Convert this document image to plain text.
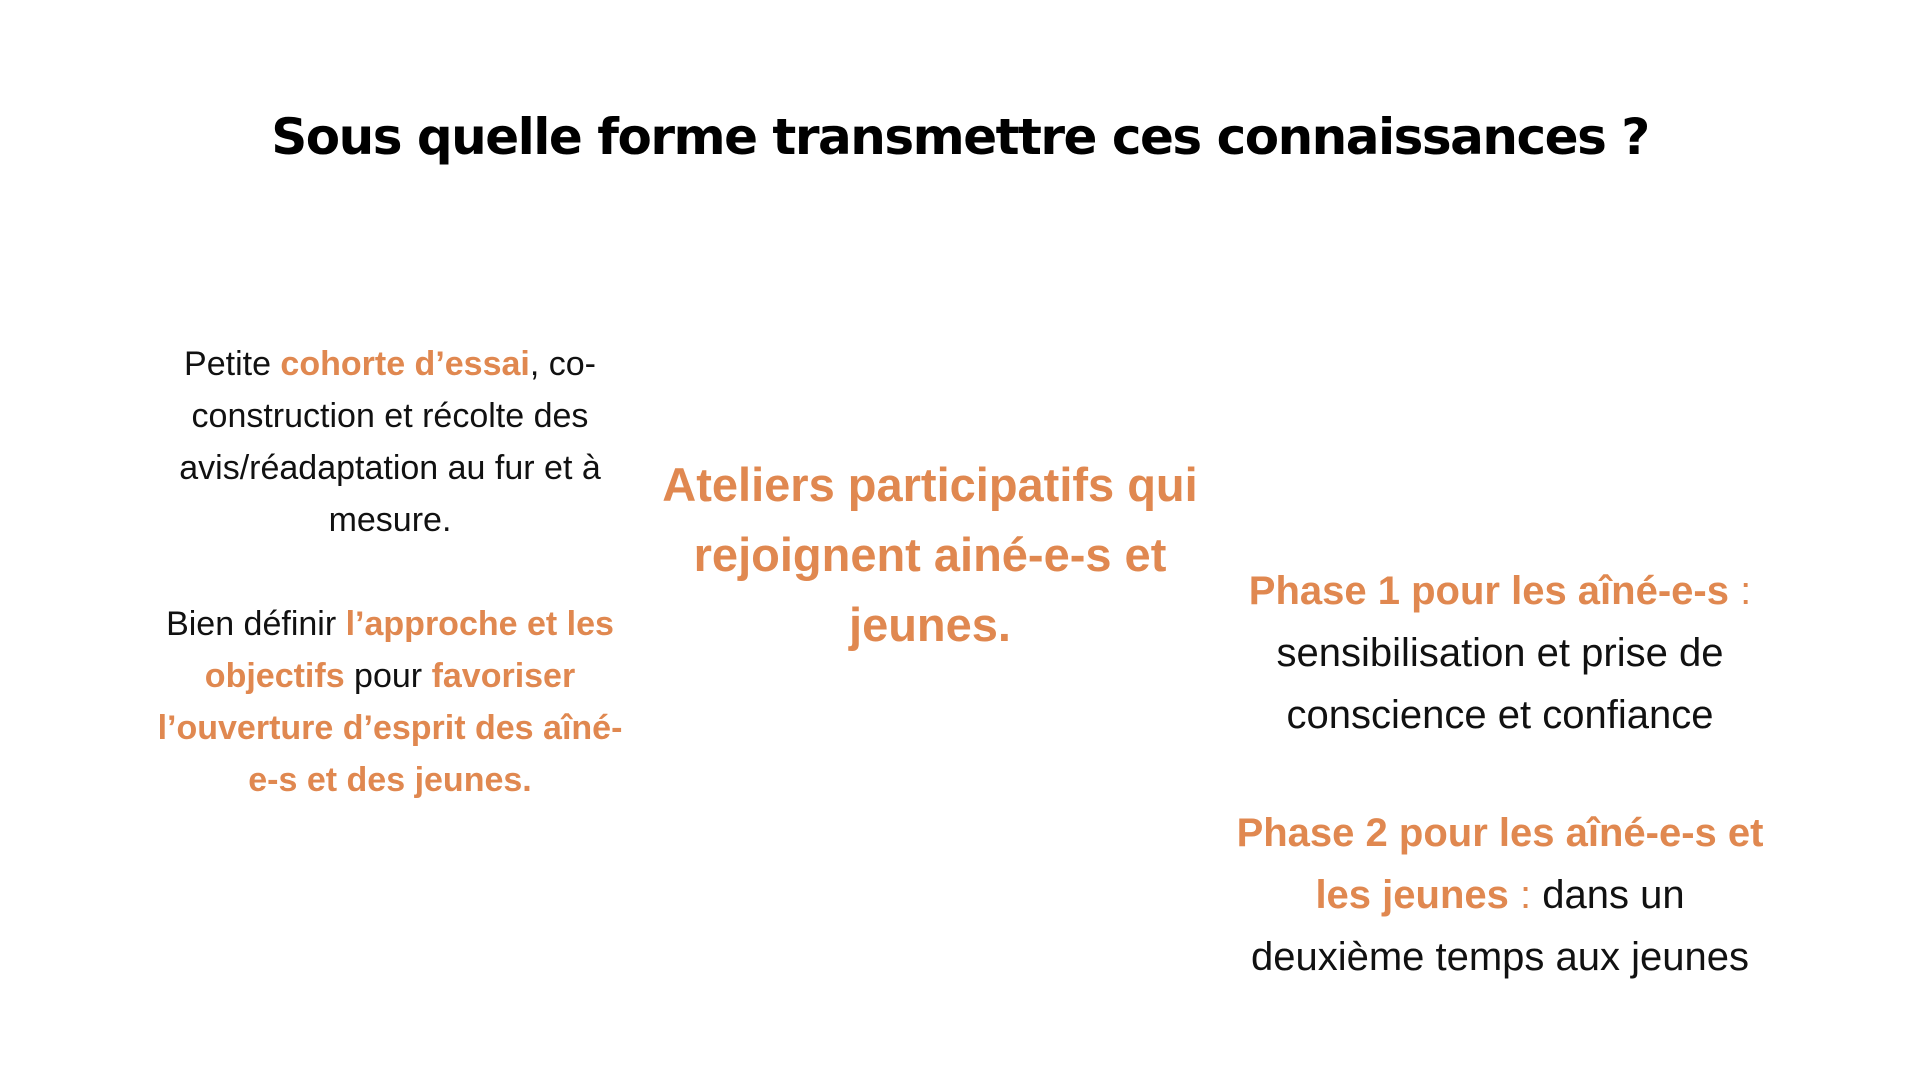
Sous quelle forme transmettre ces connaissances ?

Petite cohorte d’essai, co-construction et récolte des avis/réadaptation au fur et à mesure.

Bien définir l’approche et les objectifs pour favoriser l’ouverture d’esprit des aîné-e-s et des jeunes.

Ateliers participatifs qui rejoignent ainé-e-s et jeunes.

Phase 1 pour les aîné-e-s : sensibilisation et prise de conscience et confiance

Phase 2 pour les aîné-e-s et les jeunes : dans un deuxième temps aux jeunes
